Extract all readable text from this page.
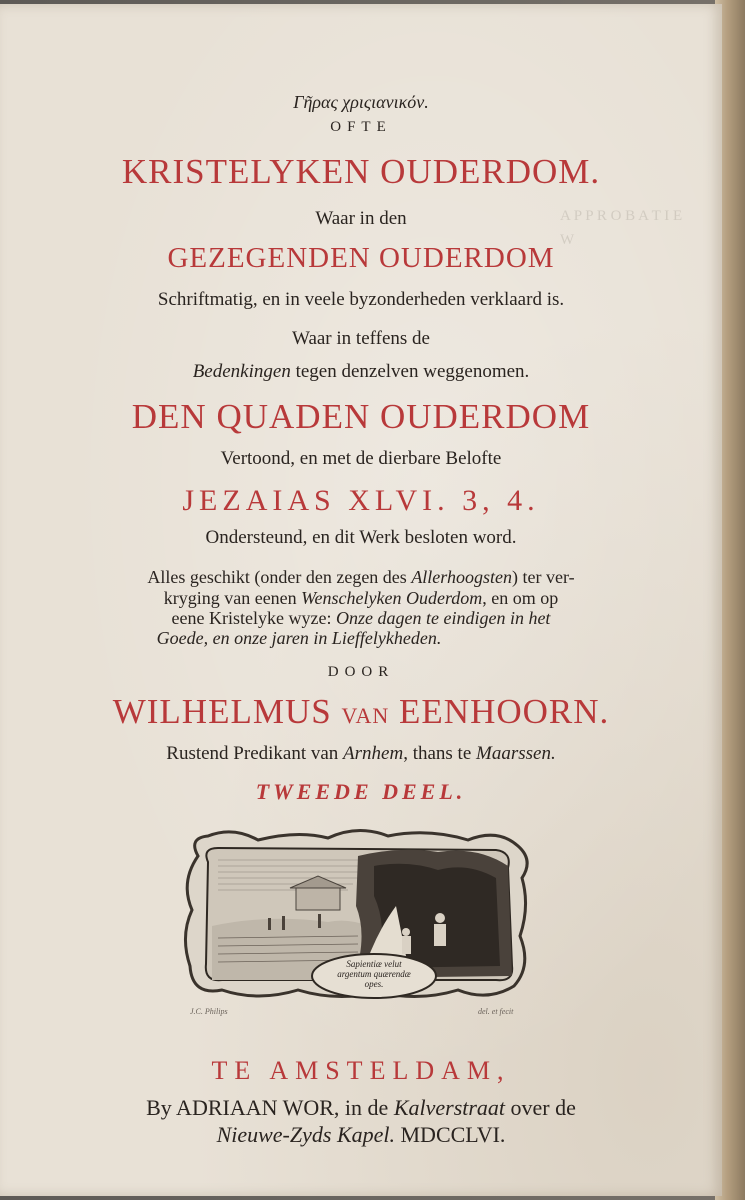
A P P R O B A T I E
W

Γῆρας χριςιανικόν.
OFTE
KRISTELYKEN OUDERDOM.
Waar in den
GEZEGENDEN OUDERDOM
Schriftmatig, en in veele byzonderheden verklaard is.
Waar in teffens de
Bedenkingen tegen denzelven weggenomen.
DEN QUADEN OUDERDOM
Vertoond, en met de dierbare Belofte
JEZAIAS XLVI. 3, 4.
Ondersteund, en dit Werk besloten word.
Alles geschikt (onder den zegen des Allerhoogsten) ter ver-
kryging van eenen Wenschelyken Ouderdom, en om op
eene Kristelyke wyze: Onze dagen te eindigen in het
Goede, en onze jaren in Lieffelykheden.
DOOR
WILHELMUS VAN EENHOORN.
Rustend Predikant van Arnhem, thans te Maarssen.
TWEEDE DEEL.
Sapientiæ velut
argentum quærendæ
opes.
J.C. Philips	del. et fecit
TE AMSTELDAM,
By ADRIAAN WOR, in de Kalverstraat over de
Nieuwe-Zyds Kapel. MDCCLVI.
